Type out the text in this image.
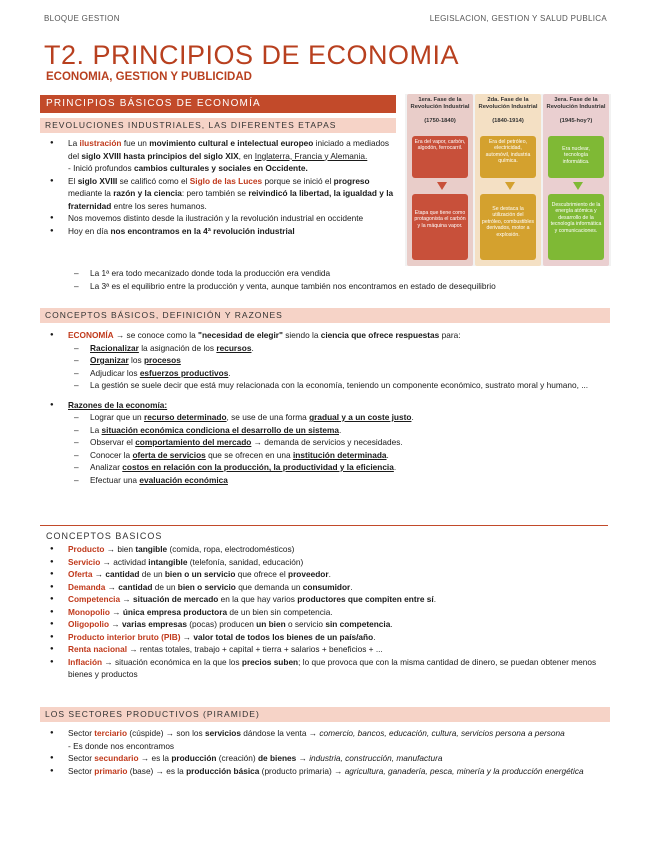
BLOQUE GESTION	LEGISLACION, GESTION Y SALUD PUBLICA
T2. PRINCIPIOS DE ECONOMIA
ECONOMIA, GESTION Y PUBLICIDAD
PRINCIPIOS BÁSICOS DE ECONOMÍA
REVOLUCIONES INDUSTRIALES, LAS DIFERENTES ETAPAS
● La ilustración fue un movimiento cultural e intelectual europeo iniciado a mediados del siglo XVIII hasta principios del siglo XIX, en Inglaterra, Francia y Alemania.
- Inició profundos cambios culturales y sociales en Occidente.
● El siglo XVIII se calificó como el Siglo de las Luces porque se inició el progreso mediante la razón y la ciencia: pero también se reivindicó la libertad, la igualdad y la fraternidad entre los seres humanos.
● Nos movemos distinto desde la ilustración y la revolución industrial en occidente
● Hoy en día nos encontramos en la 4ª revolución industrial
– La 1ª era todo mecanizado donde toda la producción era vendida
– La 3ª es el equilibrio entre la producción y venta, aunque también nos encontramos en estado de desequilibrio
1era. Fase de la Revolución Industrial

(1750-1840)
Era del vapor, carbón, algodón, ferrocarril.
Etapa que tiene como protagonista el carbón y la máquina vapor.
2da. Fase de la Revolución Industrial

(1840-1914)
Era del petróleo, electricidad, automóvil, industria química.
Se destaca la utilización del petróleo, combustibles derivados, motor a explosión.
3era. Fase de la Revolución Industrial

(1945-hoy?)
Era nuclear, tecnología informática.
Descubrimiento de la energía atómica y desarrollo de la tecnología informática y comunicaciones.
CONCEPTOS BÁSICOS, DEFINICIÓN Y RAZONES
● ECONOMÍA → se conoce como la "necesidad de elegir" siendo la ciencia que ofrece respuestas para:
– Racionalizar la asignación de los recursos.
– Organizar los procesos
– Adjudicar los esfuerzos productivos.
– La gestión se suele decir que está muy relacionada con la economía, teniendo un componente económico, sustrato moral y humano, ...
● Razones de la economía:
– Lograr que un recurso determinado, se use de una forma gradual y a un coste justo.
– La situación económica condiciona el desarrollo de un sistema.
– Observar el comportamiento del mercado → demanda de servicios y necesidades.
– Conocer la oferta de servicios que se ofrecen en una institución determinada.
– Analizar costos en relación con la producción, la productividad y la eficiencia.
– Efectuar una evaluación económica
CONCEPTOS BASICOS
● Producto → bien tangible (comida, ropa, electrodomésticos)
● Servicio → actividad intangible (telefonía, sanidad, educación)
● Oferta → cantidad de un bien o un servicio que ofrece el proveedor.
● Demanda → cantidad de un bien o servicio que demanda un consumidor.
● Competencia → situación de mercado en la que hay varios productores que compiten entre sí.
● Monopolio → única empresa productora de un bien sin competencia.
● Oligopolio → varias empresas (pocas) producen un bien o servicio sin competencia.
● Producto interior bruto (PIB) → valor total de todos los bienes de un país/año.
● Renta nacional → rentas totales, trabajo + capital + tierra + salarios + beneficios + ...
● Inflación → situación económica en la que los precios suben; lo que provoca que con la misma cantidad de dinero, se puedan obtener menos bienes y productos
LOS SECTORES PRODUCTIVOS (PIRAMIDE)
● Sector terciario (cúspide) → son los servicios dándose la venta → comercio, bancos, educación, cultura, servicios persona a persona
- Es donde nos encontramos
● Sector secundario → es la producción (creación) de bienes → industria, construcción, manufactura
● Sector primario (base) → es la producción básica (producto primaria) → agricultura, ganadería, pesca, minería y la producción energética
